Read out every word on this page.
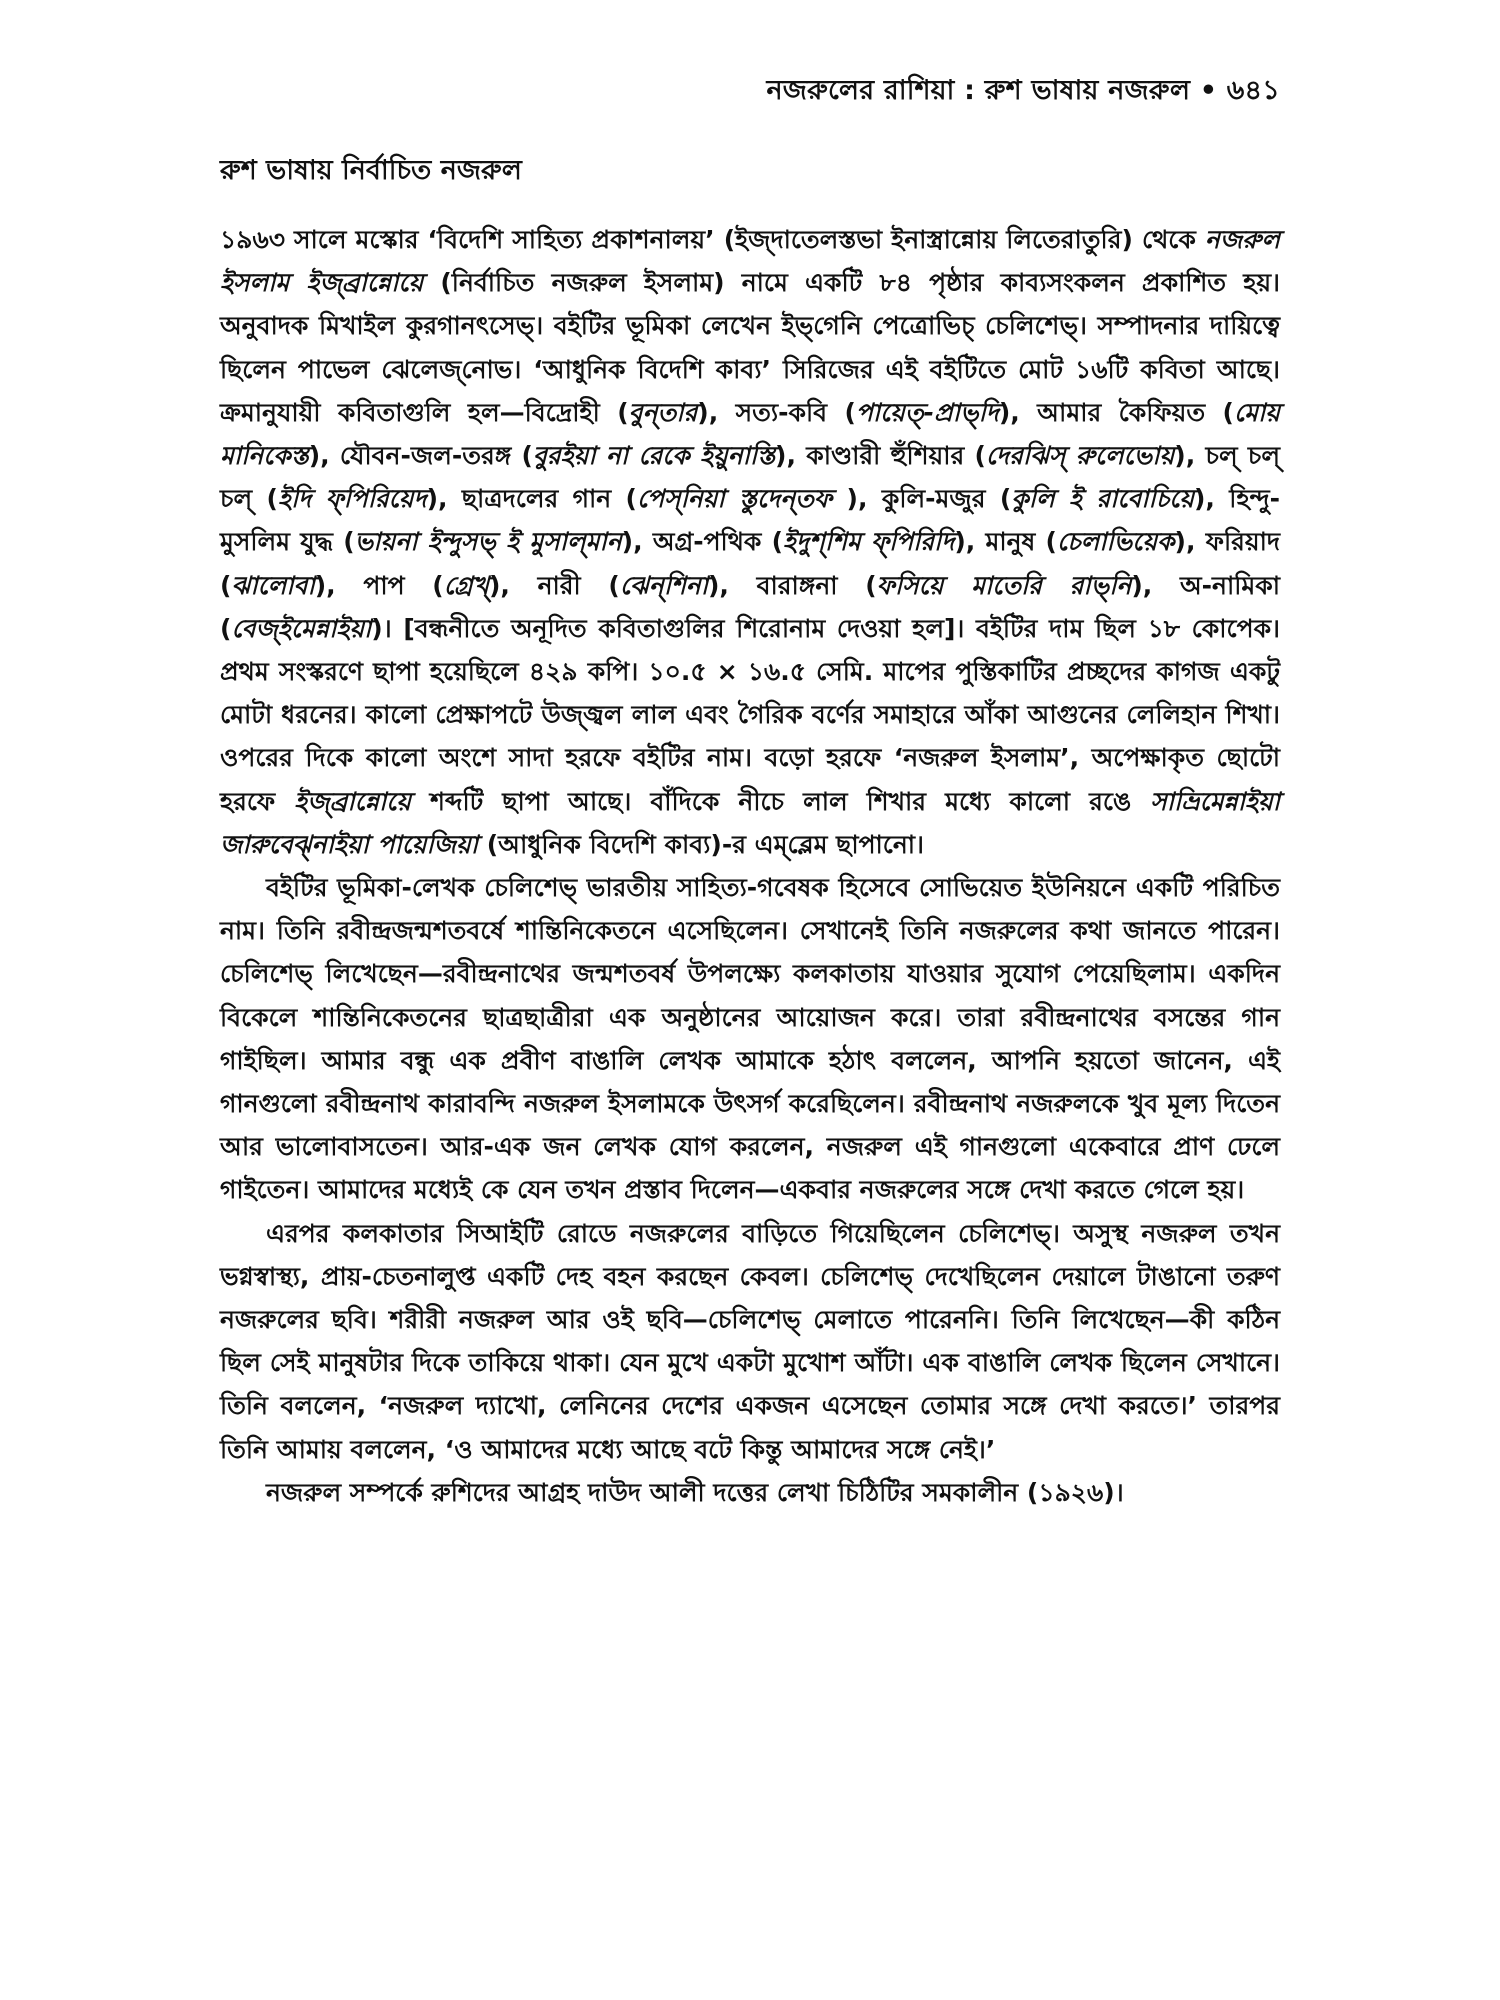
নজরুলের রাশিয়া : রুশ ভাষায় নজরুল • ৬৪১
রুশ ভাষায় নির্বাচিত নজরুল

১৯৬৩ সালে মস্কোর ‘বিদেশি সাহিত্য প্রকাশনালয়’ (ইজ্‌দাতেলস্তভা ইনাস্ত্রান্নোয় লিতেরাতুরি) থেকে নজরুল ইসলাম ইজ্‌ব্রান্নোয়ে (নির্বাচিত নজরুল ইসলাম) নামে একটি ৮৪ পৃষ্ঠার কাব্যসংকলন প্রকাশিত হয়। অনুবাদক মিখাইল কুরগানৎসেভ্‌। বইটির ভূমিকা লেখেন ইভ্‌গেনি পেত্রোভিচ্‌ চেলিশেভ্‌। সম্পাদনার দায়িত্বে ছিলেন পাভেল ঝেলেজ্‌নোভ। ‘আধুনিক বিদেশি কাব্য’ সিরিজের এই বইটিতে মোট ১৬টি কবিতা আছে। ক্রমানুযায়ী কবিতাগুলি হল—বিদ্রোহী (বুন্‌তার), সত্য-কবি (পায়েত্‌-প্রাভ্‌দি), আমার কৈফিয়ত (মোয় মানিকেস্ত), যৌবন-জল-তরঙ্গ (বুরইয়া না রেকে ইয়ুনাস্তি), কাণ্ডারী হুঁশিয়ার (দেরঝিস্‌ রুলেভোয়), চল্‌ চল্‌ চল্‌ (ইদি ফ্‌পিরিয়েদ), ছাত্রদলের গান (পেস্‌নিয়া স্তুদেন্‌তফ ), কুলি-মজুর (কুলি ই রাবোচিয়ে), হিন্দু-মুসলিম যুদ্ধ (ভায়না ইন্দুসভ্‌ ই মুসাল্‌মান), অগ্র-পথিক (ইদুশ্‌শিম ফ্‌পিরিদি), মানুষ (চেলাভিয়েক), ফরিয়াদ (ঝালোবা), পাপ (গ্রেখ্‌), নারী (ঝেন্‌শিনা), বারাঙ্গনা (ফসিয়ে মাতেরি রাভ্‌নি), অ-নামিকা (বেজ্‌ইমেন্নাইয়া)। [বন্ধনীতে অনূদিত কবিতাগুলির শিরোনাম দেওয়া হল]। বইটির দাম ছিল ১৮ কোপেক। প্রথম সংস্করণে ছাপা হয়েছিলে ৪২৯ কপি। ১০.৫ × ১৬.৫ সেমি. মাপের পুস্তিকাটির প্রচ্ছদের কাগজ একটু মোটা ধরনের। কালো প্রেক্ষাপটে উজ্জ্বল লাল এবং গৈরিক বর্ণের সমাহারে আঁকা আগুনের লেলিহান শিখা। ওপরের দিকে কালো অংশে সাদা হরফে বইটির নাম। বড়ো হরফে ‘নজরুল ইসলাম’, অপেক্ষাকৃত ছোটো হরফে ইজ্‌ব্রান্নোয়ে শব্দটি ছাপা আছে। বাঁদিকে নীচে লাল শিখার মধ্যে কালো রঙে সাভ্রিমেন্নাইয়া জারুবেঝ্‌নাইয়া পায়েজিয়া (আধুনিক বিদেশি কাব্য)-র এম্‌ব্লেম ছাপানো।

বইটির ভূমিকা-লেখক চেলিশেভ্‌ ভারতীয় সাহিত্য-গবেষক হিসেবে সোভিয়েত ইউনিয়নে একটি পরিচিত নাম। তিনি রবীন্দ্রজন্মশতবর্ষে শান্তিনিকেতনে এসেছিলেন। সেখানেই তিনি নজরুলের কথা জানতে পারেন। চেলিশেভ্‌ লিখেছেন—রবীন্দ্রনাথের জন্মশতবর্ষ উপলক্ষ্যে কলকাতায় যাওয়ার সুযোগ পেয়েছিলাম। একদিন বিকেলে শান্তিনিকেতনের ছাত্রছাত্রীরা এক অনুষ্ঠানের আয়োজন করে। তারা রবীন্দ্রনাথের বসন্তের গান গাইছিল। আমার বন্ধু এক প্রবীণ বাঙালি লেখক আমাকে হঠাৎ বললেন, আপনি হয়তো জানেন, এই গানগুলো রবীন্দ্রনাথ কারাবন্দি নজরুল ইসলামকে উৎসর্গ করেছিলেন। রবীন্দ্রনাথ নজরুলকে খুব মূল্য দিতেন আর ভালোবাসতেন। আর-এক জন লেখক যোগ করলেন, নজরুল এই গানগুলো একেবারে প্রাণ ঢেলে গাইতেন। আমাদের মধ্যেই কে যেন তখন প্রস্তাব দিলেন—একবার নজরুলের সঙ্গে দেখা করতে গেলে হয়।

এরপর কলকাতার সিআইটি রোডে নজরুলের বাড়িতে গিয়েছিলেন চেলিশেভ্‌। অসুস্থ নজরুল তখন ভগ্নস্বাস্থ্য, প্রায়-চেতনালুপ্ত একটি দেহ বহন করছেন কেবল। চেলিশেভ্‌ দেখেছিলেন দেয়ালে টাঙানো তরুণ নজরুলের ছবি। শরীরী নজরুল আর ওই ছবি—চেলিশেভ্‌ মেলাতে পারেননি। তিনি লিখেছেন—কী কঠিন ছিল সেই মানুষটার দিকে তাকিয়ে থাকা। যেন মুখে একটা মুখোশ আঁটা। এক বাঙালি লেখক ছিলেন সেখানে। তিনি বললেন, ‘নজরুল দ্যাখো, লেনিনের দেশের একজন এসেছেন তোমার সঙ্গে দেখা করতে।’ তারপর তিনি আমায় বললেন, ‘ও আমাদের মধ্যে আছে বটে কিন্তু আমাদের সঙ্গে নেই।’

নজরুল সম্পর্কে রুশিদের আগ্রহ দাউদ আলী দত্তের লেখা চিঠিটির সমকালীন (১৯২৬)।
